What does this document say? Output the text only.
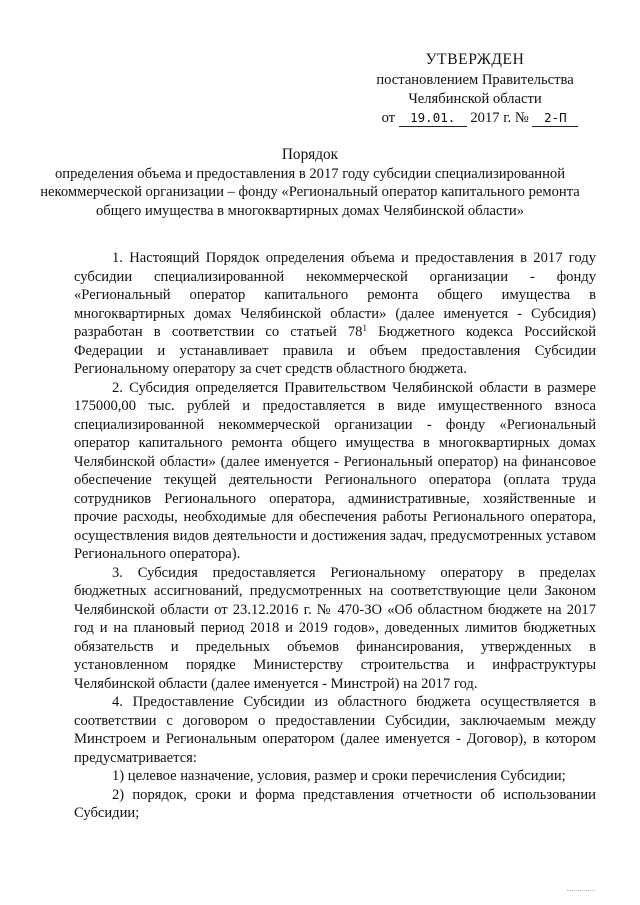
УТВЕРЖДЕН
постановлением Правительства
Челябинской области
от 19.01. 2017 г. № 2-П
Порядок
определения объема и предоставления в 2017 году субсидии специализированной некоммерческой организации – фонду «Региональный оператор капитального ремонта общего имущества в многоквартирных домах Челябинской области»

1. Настоящий Порядок определения объема и предоставления в 2017 году субсидии специализированной некоммерческой организации - фонду «Региональный оператор капитального ремонта общего имущества в многоквартирных домах Челябинской области» (далее именуется - Субсидия) разработан в соответствии со статьей $78^1$ Бюджетного кодекса Российской Федерации и устанавливает правила и объем предоставления Субсидии Региональному оператору за счет средств областного бюджета.

2. Субсидия определяется Правительством Челябинской области в размере 175000,00 тыс. рублей и предоставляется в виде имущественного взноса специализированной некоммерческой организации - фонду «Региональный оператор капитального ремонта общего имущества в многоквартирных домах Челябинской области» (далее именуется - Региональный оператор) на финансовое обеспечение текущей деятельности Регионального оператора (оплата труда сотрудников Регионального оператора, административные, хозяйственные и прочие расходы, необходимые для обеспечения работы Регионального оператора, осуществления видов деятельности и достижения задач, предусмотренных уставом Регионального оператора).

3. Субсидия предоставляется Региональному оператору в пределах бюджетных ассигнований, предусмотренных на соответствующие цели Законом Челябинской области от 23.12.2016 г. № 470-ЗО «Об областном бюджете на 2017 год и на плановый период 2018 и 2019 годов», доведенных лимитов бюджетных обязательств и предельных объемов финансирования, утвержденных в установленном порядке Министерству строительства и инфраструктуры Челябинской области (далее именуется - Минстрой) на 2017 год.

4. Предоставление Субсидии из областного бюджета осуществляется в соответствии с договором о предоставлении Субсидии, заключаемым между Минстроем и Региональным оператором (далее именуется - Договор), в котором предусматривается:

1) целевое назначение, условия, размер и сроки перечисления Субсидии;

2) порядок, сроки и форма представления отчетности об использовании Субсидии;
